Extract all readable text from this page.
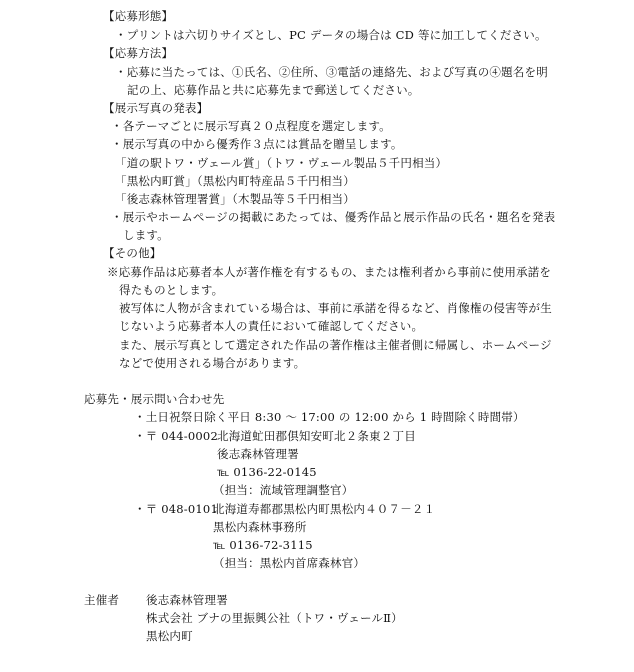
【応募形態】
・プリントは六切りサイズとし、PC データの場合は CD 等に加工してください。
【応募方法】
・応募に当たっては、①氏名、②住所、③電話の連絡先、および写真の④題名を明
記の上、応募作品と共に応募先まで郵送してください。
【展示写真の発表】
・各テーマごとに展示写真２０点程度を選定します。
・展示写真の中から優秀作３点には賞品を贈呈します。
「道の駅トワ・ヴェール賞」（トワ・ヴェール製品５千円相当）
「黒松内町賞」（黒松内町特産品５千円相当）
「後志森林管理署賞」（木製品等５千円相当）
・展示やホームページの掲載にあたっては、優秀作品と展示作品の氏名・題名を発表
します。
【その他】
※応募作品は応募者本人が著作権を有するもの、または権利者から事前に使用承諾を
得たものとします。
被写体に人物が含まれている場合は、事前に承諾を得るなど、肖像権の侵害等が生
じないよう応募者本人の責任において確認してください。
また、展示写真として選定された作品の著作権は主催者側に帰属し、ホームページ
などで使用される場合があります。
応募先・展示問い合わせ先
・土日祝祭日除く平日 8:30 ～ 17:00 の 12:00 から 1 時間除く時間帯）
・〒 044-0002 北海道虻田郡倶知安町北２条東２丁目
後志森林管理署
℡ 0136-22-0145
（担当：流域管理調整官）
・〒 048-0101
北海道寿都郡黒松内町黒松内４０７－２１
黒松内森林事務所
℡ 0136-72-3115
（担当：黒松内首席森林官）
主催者 後志森林管理署
株式会社 ブナの里振興公社（トワ・ヴェールⅡ）
黒松内町
